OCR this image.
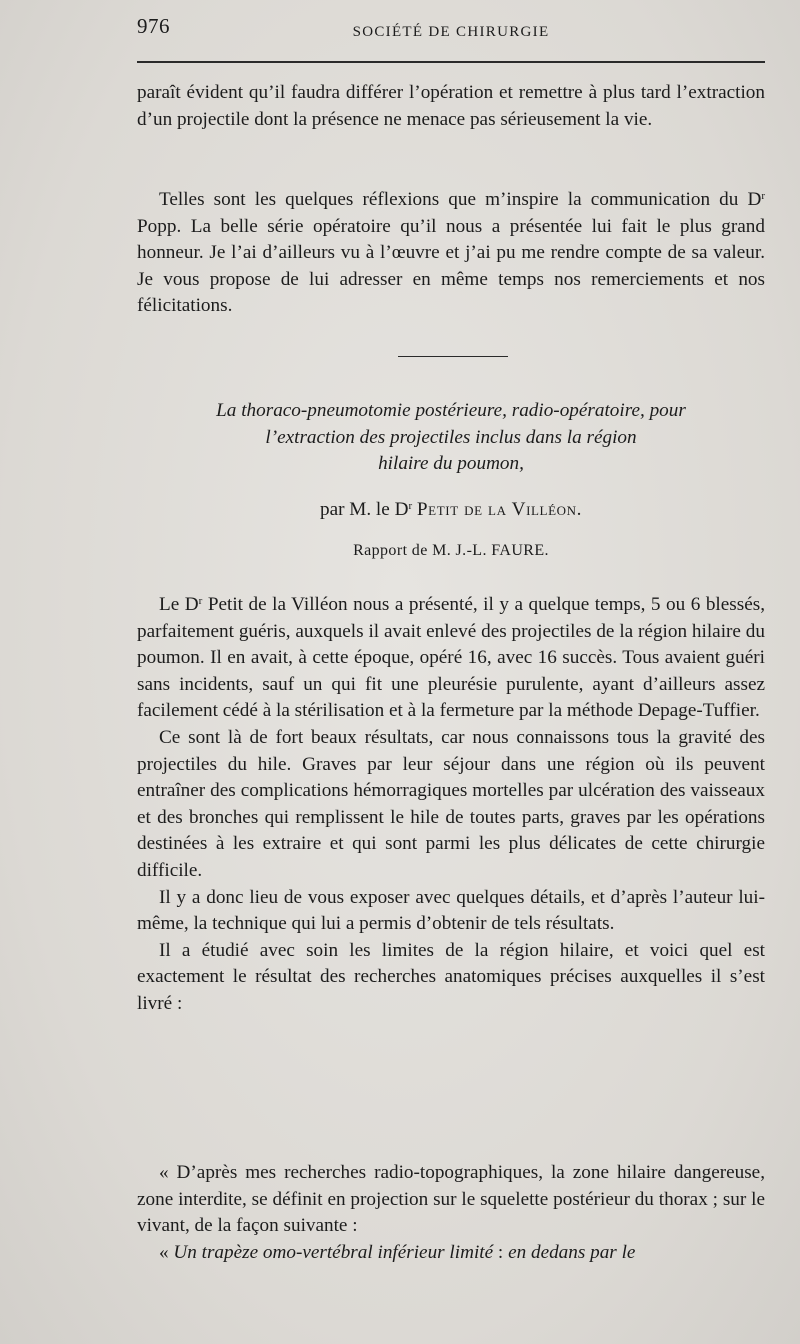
976	SOCIÉTÉ DE CHIRURGIE

paraît évident qu’il faudra différer l’opération et remettre à plus tard l’extraction d’un projectile dont la présence ne menace pas sérieusement la vie.

Telles sont les quelques réflexions que m’inspire la communication du $D^r$ Popp. La belle série opératoire qu’il nous a présentée lui fait le plus grand honneur. Je l’ai d’ailleurs vu à l’œuvre et j’ai pu me rendre compte de sa valeur. Je vous propose de lui adresser en même temps nos remerciements et nos félicitations.

La thoraco-pneumotomie postérieure, radio-opératoire, pour
l’extraction des projectiles inclus dans la région
hilaire du poumon,
par M. le $D^r$ Petit de la Villéon.
Rapport de M. J.-L. FAURE.

Le $D^r$ Petit de la Villéon nous a présenté, il y a quelque temps, 5 ou 6 blessés, parfaitement guéris, auxquels il avait enlevé des projectiles de la région hilaire du poumon. Il en avait, à cette époque, opéré 16, avec 16 succès. Tous avaient guéri sans incidents, sauf un qui fit une pleurésie purulente, ayant d’ailleurs assez facilement cédé à la stérilisation et à la fermeture par la méthode Depage-Tuffier.

Ce sont là de fort beaux résultats, car nous connaissons tous la gravité des projectiles du hile. Graves par leur séjour dans une région où ils peuvent entraîner des complications hémorragiques mortelles par ulcération des vaisseaux et des bronches qui remplissent le hile de toutes parts, graves par les opérations destinées à les extraire et qui sont parmi les plus délicates de cette chirurgie difficile.

Il y a donc lieu de vous exposer avec quelques détails, et d’après l’auteur lui-même, la technique qui lui a permis d’obtenir de tels résultats.

Il a étudié avec soin les limites de la région hilaire, et voici quel est exactement le résultat des recherches anatomiques précises auxquelles il s’est livré :

« D’après mes recherches radio-topographiques, la zone hilaire dangereuse, zone interdite, se définit en projection sur le squelette postérieur du thorax ; sur le vivant, de la façon suivante :

« Un trapèze omo-vertébral inférieur limité : en dedans par le
